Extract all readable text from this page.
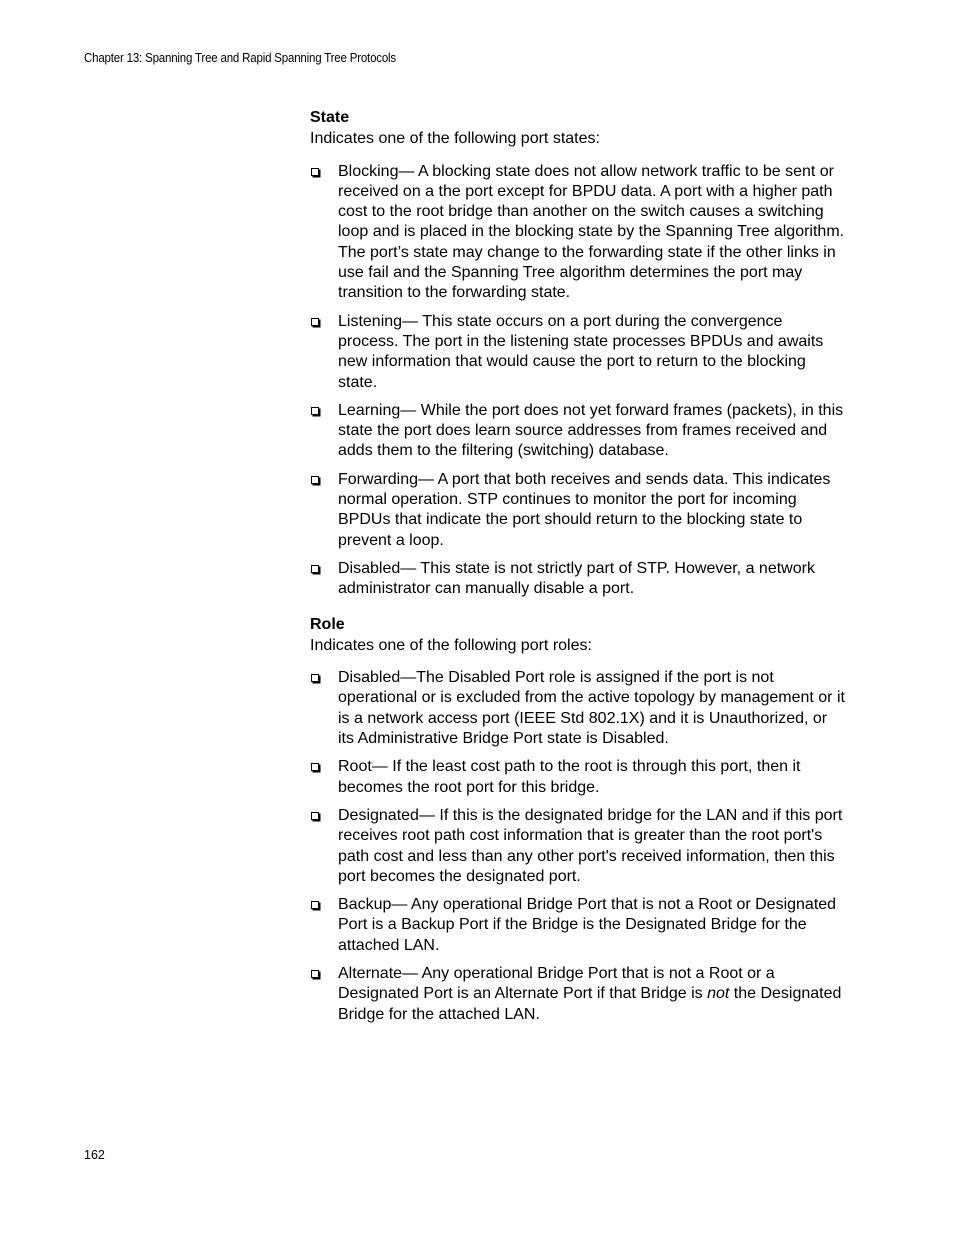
Chapter 13: Spanning Tree and Rapid Spanning Tree Protocols

State

Indicates one of the following port states:

Blocking— A blocking state does not allow network traffic to be sent or received on a the port except for BPDU data. A port with a higher path cost to the root bridge than another on the switch causes a switching loop and is placed in the blocking state by the Spanning Tree algorithm. The port’s state may change to the forwarding state if the other links in use fail and the Spanning Tree algorithm determines the port may transition to the forwarding state.
Listening— This state occurs on a port during the convergence process. The port in the listening state processes BPDUs and awaits new information that would cause the port to return to the blocking state.
Learning— While the port does not yet forward frames (packets), in this state the port does learn source addresses from frames received and adds them to the filtering (switching) database.
Forwarding— A port that both receives and sends data. This indicates normal operation. STP continues to monitor the port for incoming BPDUs that indicate the port should return to the blocking state to prevent a loop.
Disabled— This state is not strictly part of STP. However, a network administrator can manually disable a port.

Role

Indicates one of the following port roles:

Disabled—The Disabled Port role is assigned if the port is not operational or is excluded from the active topology by management or it is a network access port (IEEE Std 802.1X) and it is Unauthorized, or its Administrative Bridge Port state is Disabled.
Root— If the least cost path to the root is through this port, then it becomes the root port for this bridge.
Designated— If this is the designated bridge for the LAN and if this port receives root path cost information that is greater than the root port's path cost and less than any other port's received information, then this port becomes the designated port.
Backup— Any operational Bridge Port that is not a Root or Designated Port is a Backup Port if the Bridge is the Designated Bridge for the attached LAN.
Alternate— Any operational Bridge Port that is not a Root or a Designated Port is an Alternate Port if that Bridge is not the Designated Bridge for the attached LAN.
162
